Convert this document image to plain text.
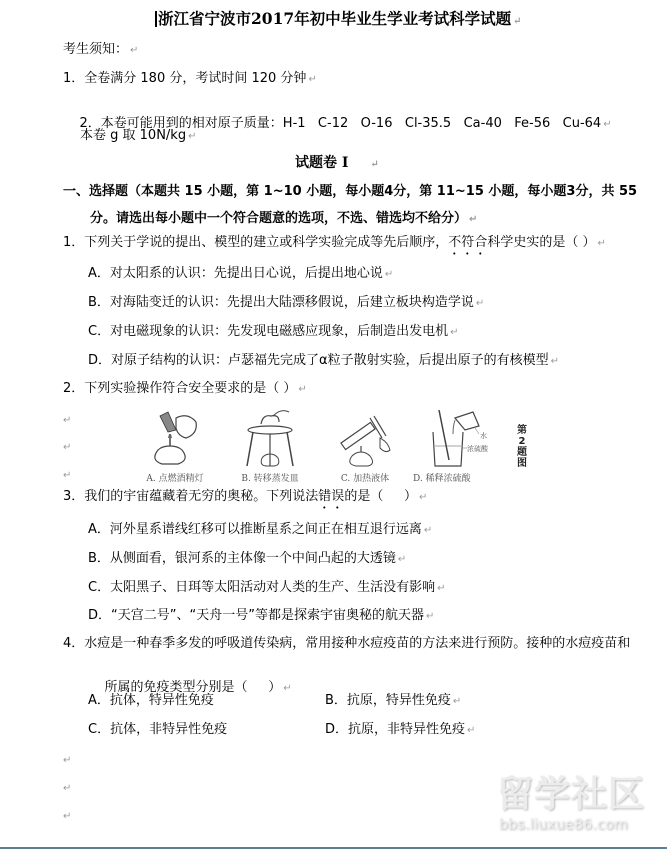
浙江省宁波市2017年初中毕业生学业考试科学试题 ↵
考生须知： ↵
1．全卷满分 180 分，考试时间 120 分钟 ↵

2．本卷可能用到的相对原子质量：H-1   C-12   O-16   Cl-35.5   Ca-40   Fe-56   Cu-64 ↵

本卷 g 取 10N/kg ↵
试题卷 I ↵
一、选择题（本题共 15 小题，第 1~10 小题，每小题4分，第 11~15 小题，每小题3分，共 55
分。请选出每小题中一个符合题意的选项，不选、错选均不给分） ↵
1．下列关于学说的提出、模型的建立或科学实验完成等先后顺序，不符合科学史实的是（ ） ↵
A．对太阳系的认识：先提出日心说，后提出地心说 ↵
B．对海陆变迁的认识：先提出大陆漂移假说，后建立板块构造学说 ↵
C．对电磁现象的认识：先发现电磁感应现象，后制造出发电机 ↵
D．对原子结构的认识：卢瑟福先完成了α粒子散射实验，后提出原子的有核模型 ↵
2．下列实验操作符合安全要求的是（ ） ↵
↵
↵
↵	A. 点燃酒精灯	B. 转移蒸发皿	C. 加热液体
水
浓硫酸
D. 稀释浓硫酸
第2题图
3．我们的宇宙蕴藏着无穷的奥秘。下列说法错误的是（     ） ↵
A．河外星系谱线红移可以推断星系之间正在相互退行远离 ↵
B．从侧面看，银河系的主体像一个中间凸起的大透镜 ↵
C．太阳黑子、日珥等太阳活动对人类的生产、生活没有影响 ↵
D．“天宫二号”、“天舟一号”等都是探索宇宙奥秘的航天器 ↵
4．水痘是一种春季多发的呼吸道传染病，常用接种水痘疫苗的方法来进行预防。接种的水痘疫苗和

所属的免疫类型分别是（     ） ↵

A．抗体，特异性免疫	B．抗原，特异性免疫 ↵
C．抗体，非特异性免疫	D．抗原，非特异性免疫 ↵
↵
↵
↵
留学社区
bbs.liuxue86.com
